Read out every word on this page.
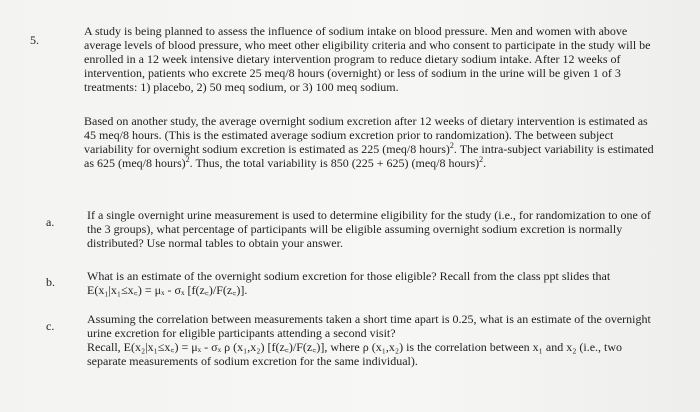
5.

A study is being planned to assess the influence of sodium intake on blood pressure. Men and women with above average levels of blood pressure, who meet other eligibility criteria and who consent to participate in the study will be enrolled in a 12 week intensive dietary intervention program to reduce dietary sodium intake. After 12 weeks of intervention, patients who excrete 25 meq/8 hours (overnight) or less of sodium in the urine will be given 1 of 3 treatments: 1) placebo, 2) 50 meq sodium, or 3) 100 meq sodium.

Based on another study, the average overnight sodium excretion after 12 weeks of dietary intervention is estimated as 45 meq/8 hours. (This is the estimated average sodium excretion prior to randomization). The between subject variability for overnight sodium excretion is estimated as 225 (meq/8 hours)$^2$. The intra-subject variability is estimated as 625 (meq/8 hours)$^2$. Thus, the total variability is 850 (225 + 625) (meq/8 hours)$^2$.

a.	If a single overnight urine measurement is used to determine eligibility for the study (i.e., for randomization to one of the 3 groups), what percentage of participants will be eligible assuming overnight sodium excretion is normally distributed? Use normal tables to obtain your answer.

b.	What is an estimate of the overnight sodium excretion for those eligible? Recall from the class ppt slides that E(x₁|x₁≤x꜀) = μₓ - σₓ [f(z꜀)/F(z꜀)].

c.	Assuming the correlation between measurements taken a short time apart is 0.25, what is an estimate of the overnight urine excretion for eligible participants attending a second visit?
Recall, E(x₂|x₁≤x꜀) = μₓ - σₓ ρ (x₁,x₂) [f(z꜀)/F(z꜀)], where ρ (x₁,x₂) is the correlation between x₁ and x₂ (i.e., two separate measurements of sodium excretion for the same individual).
